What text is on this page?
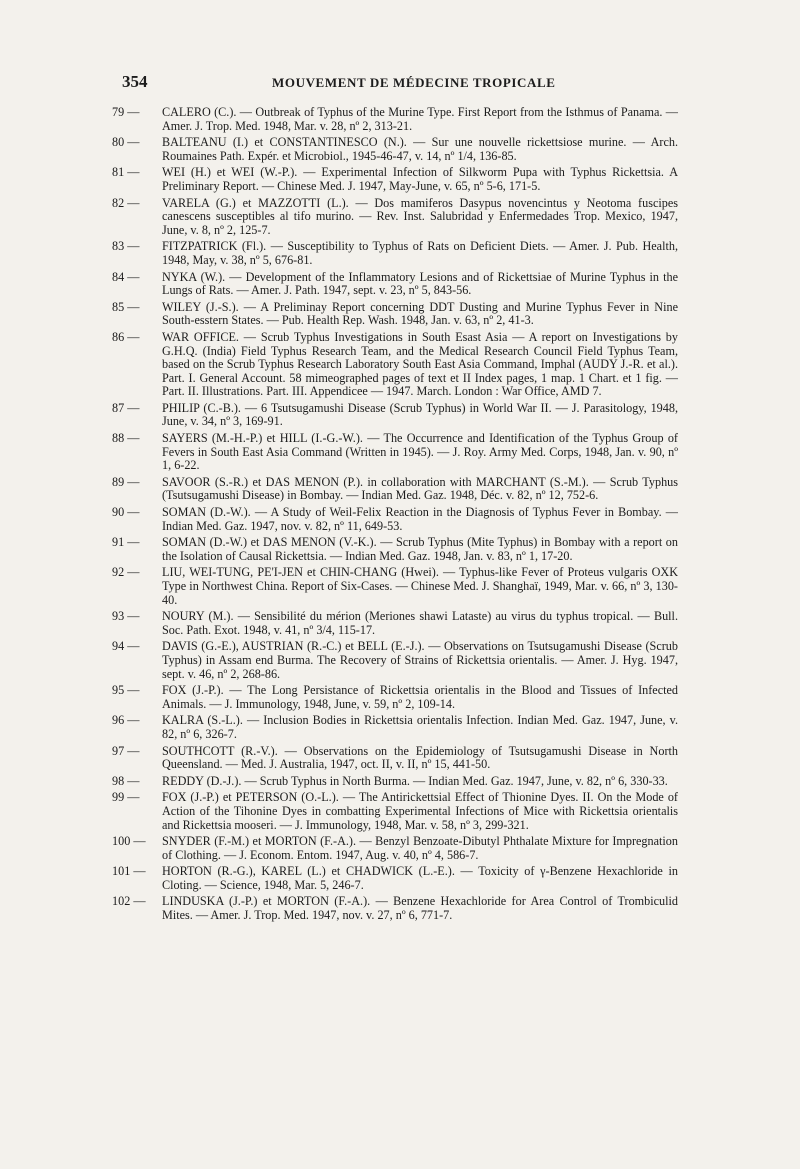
354	MOUVEMENT DE MÉDECINE TROPICALE
79 —	CALERO (C.). — Outbreak of Typhus of the Murine Type. First Report from the Isthmus of Panama. — Amer. J. Trop. Med. 1948, Mar. v. 28, nº 2, 313-21.
80 —	BALTEANU (I.) et CONSTANTINESCO (N.). — Sur une nouvelle rickettsiose murine. — Arch. Roumaines Path. Expér. et Microbiol., 1945-46-47, v. 14, nº 1/4, 136-85.
81 —	WEI (H.) et WEI (W.-P.). — Experimental Infection of Silkworm Pupa with Typhus Rickettsia. A Preliminary Report. — Chinese Med. J. 1947, May-June, v. 65, nº 5-6, 171-5.
82 —	VARELA (G.) et MAZZOTTI (L.). — Dos mamiferos Dasypus novencintus y Neotoma fuscipes canescens susceptibles al tifo murino. — Rev. Inst. Salubridad y Enfermedades Trop. Mexico, 1947, June, v. 8, nº 2, 125-7.
83 —	FITZPATRICK (Fl.). — Susceptibility to Typhus of Rats on Deficient Diets. — Amer. J. Pub. Health, 1948, May, v. 38, nº 5, 676-81.
84 —	NYKA (W.). — Development of the Inflammatory Lesions and of Rickettsiae of Murine Typhus in the Lungs of Rats. — Amer. J. Path. 1947, sept. v. 23, nº 5, 843-56.
85 —	WILEY (J.-S.). — A Preliminay Report concerning DDT Dusting and Murine Typhus Fever in Nine South-esstern States. — Pub. Health Rep. Wash. 1948, Jan. v. 63, nº 2, 41-3.
86 —	WAR OFFICE. — Scrub Typhus Investigations in South Esast Asia — A report on Investigations by G.H.Q. (India) Field Typhus Research Team, and the Medical Research Council Field Typhus Team, based on the Scrub Typhus Research Laboratory South East Asia Command, Imphal (AUDY J.-R. et al.). Part. I. General Account. 58 mimeographed pages of text et II Index pages, 1 map. 1 Chart. et 1 fig. — Part. II. Illustrations. Part. III. Appendicee — 1947. March. London : War Office, AMD 7.
87 —	PHILIP (C.-B.). — 6 Tsutsugamushi Disease (Scrub Typhus) in World War II. — J. Parasitology, 1948, June, v. 34, nº 3, 169-91.
88 —	SAYERS (M.-H.-P.) et HILL (I.-G.-W.). — The Occurrence and Identification of the Typhus Group of Fevers in South East Asia Command (Written in 1945). — J. Roy. Army Med. Corps, 1948, Jan. v. 90, nº 1, 6-22.
89 —	SAVOOR (S.-R.) et DAS MENON (P.). in collaboration with MARCHANT (S.-M.). — Scrub Typhus (Tsutsugamushi Disease) in Bombay. — Indian Med. Gaz. 1948, Déc. v. 82, nº 12, 752-6.
90 —	SOMAN (D.-W.). — A Study of Weil-Felix Reaction in the Diagnosis of Typhus Fever in Bombay. — Indian Med. Gaz. 1947, nov. v. 82, nº 11, 649-53.
91 —	SOMAN (D.-W.) et DAS MENON (V.-K.). — Scrub Typhus (Mite Typhus) in Bombay with a report on the Isolation of Causal Rickettsia. — Indian Med. Gaz. 1948, Jan. v. 83, nº 1, 17-20.
92 —	LIU, WEI-TUNG, PE'I-JEN et CHIN-CHANG (Hwei). — Typhus-like Fever of Proteus vulgaris OXK Type in Northwest China. Report of Six-Cases. — Chinese Med. J. Shanghaï, 1949, Mar. v. 66, nº 3, 130-40.
93 —	NOURY (M.). — Sensibilité du mérion (Meriones shawi Lataste) au virus du typhus tropical. — Bull. Soc. Path. Exot. 1948, v. 41, nº 3/4, 115-17.
94 —	DAVIS (G.-E.), AUSTRIAN (R.-C.) et BELL (E.-J.). — Observations on Tsutsugamushi Disease (Scrub Typhus) in Assam end Burma. The Recovery of Strains of Rickettsia orientalis. — Amer. J. Hyg. 1947, sept. v. 46, nº 2, 268-86.
95 —	FOX (J.-P.). — The Long Persistance of Rickettsia orientalis in the Blood and Tissues of Infected Animals. — J. Immunology, 1948, June, v. 59, nº 2, 109-14.
96 —	KALRA (S.-L.). — Inclusion Bodies in Rickettsia orientalis Infection. Indian Med. Gaz. 1947, June, v. 82, nº 6, 326-7.
97 —	SOUTHCOTT (R.-V.). — Observations on the Epidemiology of Tsutsugamushi Disease in North Queensland. — Med. J. Australia, 1947, oct. II, v. II, nº 15, 441-50.
98 —	REDDY (D.-J.). — Scrub Typhus in North Burma. — Indian Med. Gaz. 1947, June, v. 82, nº 6, 330-33.
99 —	FOX (J.-P.) et PETERSON (O.-L.). — The Antirickettsial Effect of Thionine Dyes. II. On the Mode of Action of the Tihonine Dyes in combatting Experimental Infections of Mice with Rickettsia orientalis and Rickettsia mooseri. — J. Immunology, 1948, Mar. v. 58, nº 3, 299-321.
100 —	SNYDER (F.-M.) et MORTON (F.-A.). — Benzyl Benzoate-Dibutyl Phthalate Mixture for Impregnation of Clothing. — J. Econom. Entom. 1947, Aug. v. 40, nº 4, 586-7.
101 —	HORTON (R.-G.), KAREL (L.) et CHADWICK (L.-E.). — Toxicity of γ-Benzene Hexachloride in Cloting. — Science, 1948, Mar. 5, 246-7.
102 —	LINDUSKA (J.-P.) et MORTON (F.-A.). — Benzene Hexachloride for Area Control of Trombiculid Mites. — Amer. J. Trop. Med. 1947, nov. v. 27, nº 6, 771-7.
